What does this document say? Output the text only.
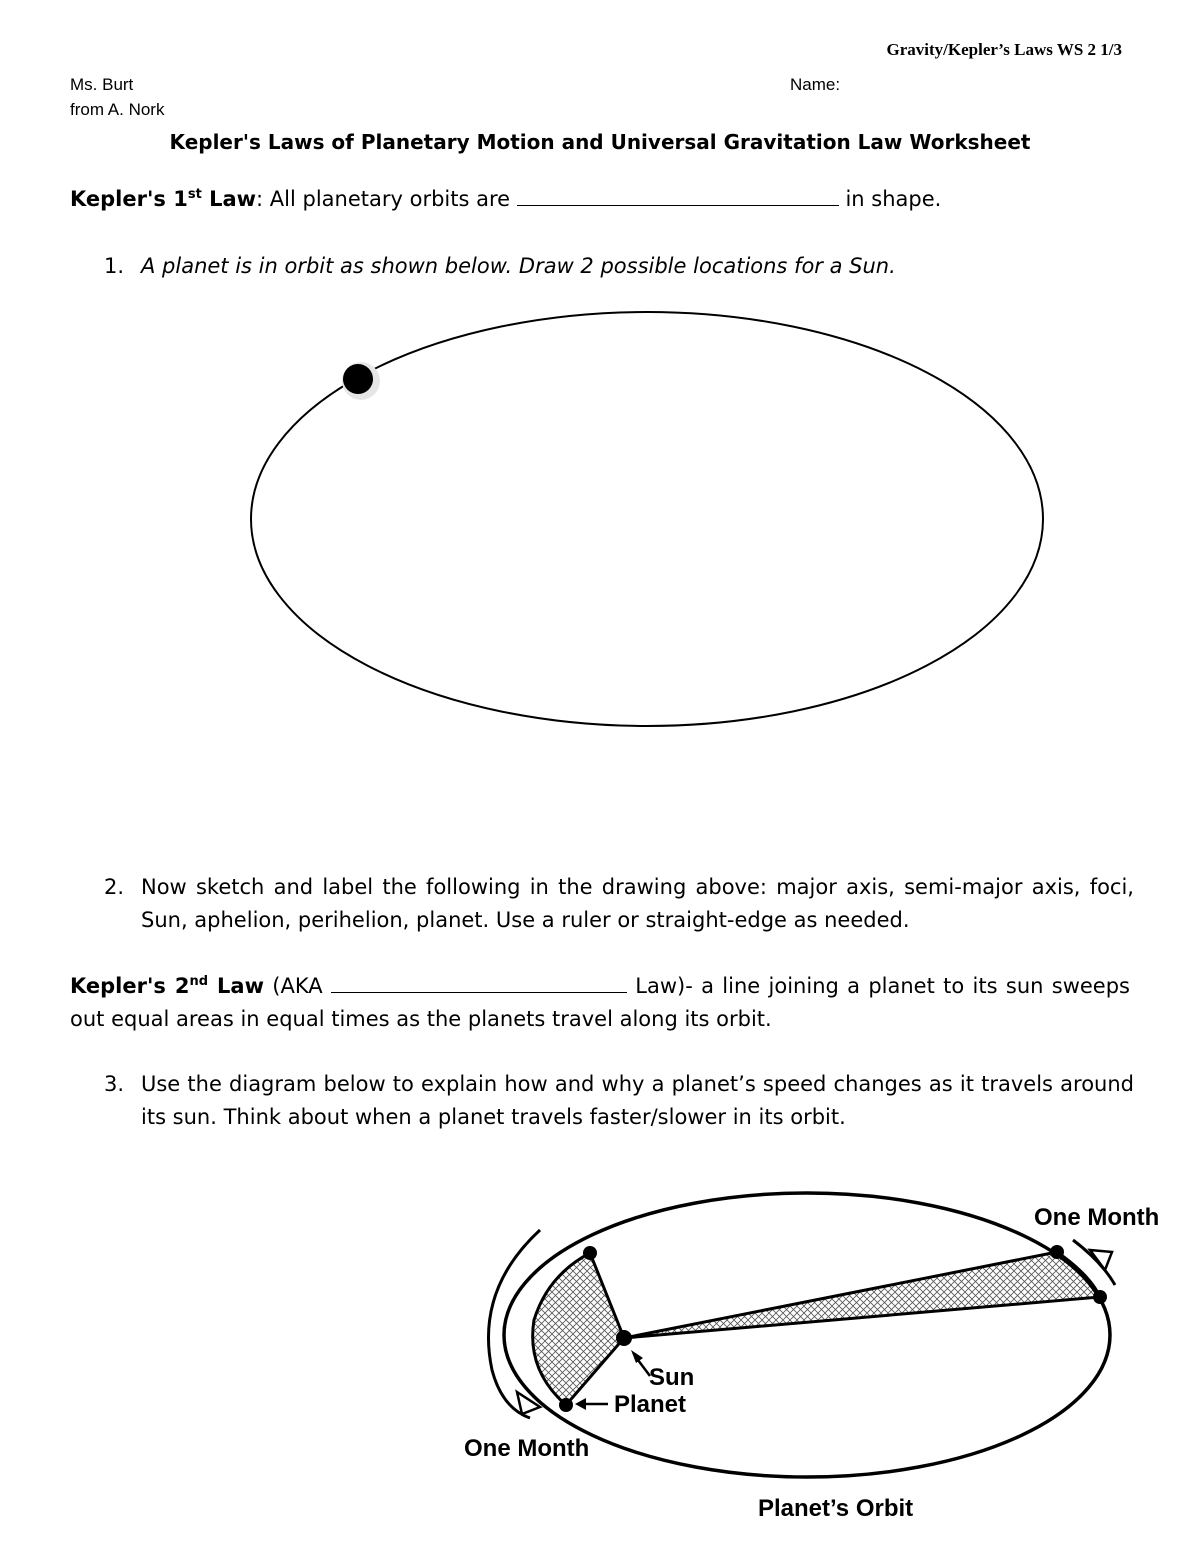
Gravity/Kepler’s Laws WS 2 1/3
Ms. Burt
from A. Nork
Name:
Kepler's Laws of Planetary Motion and Universal Gravitation Law Worksheet
Kepler's 1st Law: All planetary orbits are	in shape.
1. A planet is in orbit as shown below. Draw 2 possible locations for a Sun.
2. Now sketch and label the following in the drawing above: major axis, semi-major axis, foci, Sun, aphelion, perihelion, planet. Use a ruler or straight-edge as needed.
Kepler's 2nd Law (AKA	Law)- a line joining a planet to its sun sweeps out equal areas in equal times as the planets travel along its orbit.
3. Use the diagram below to explain how and why a planet’s speed changes as it travels around its sun. Think about when a planet travels faster/slower in its orbit.
One Month
One Month
Sun
Planet
Planet’s Orbit
